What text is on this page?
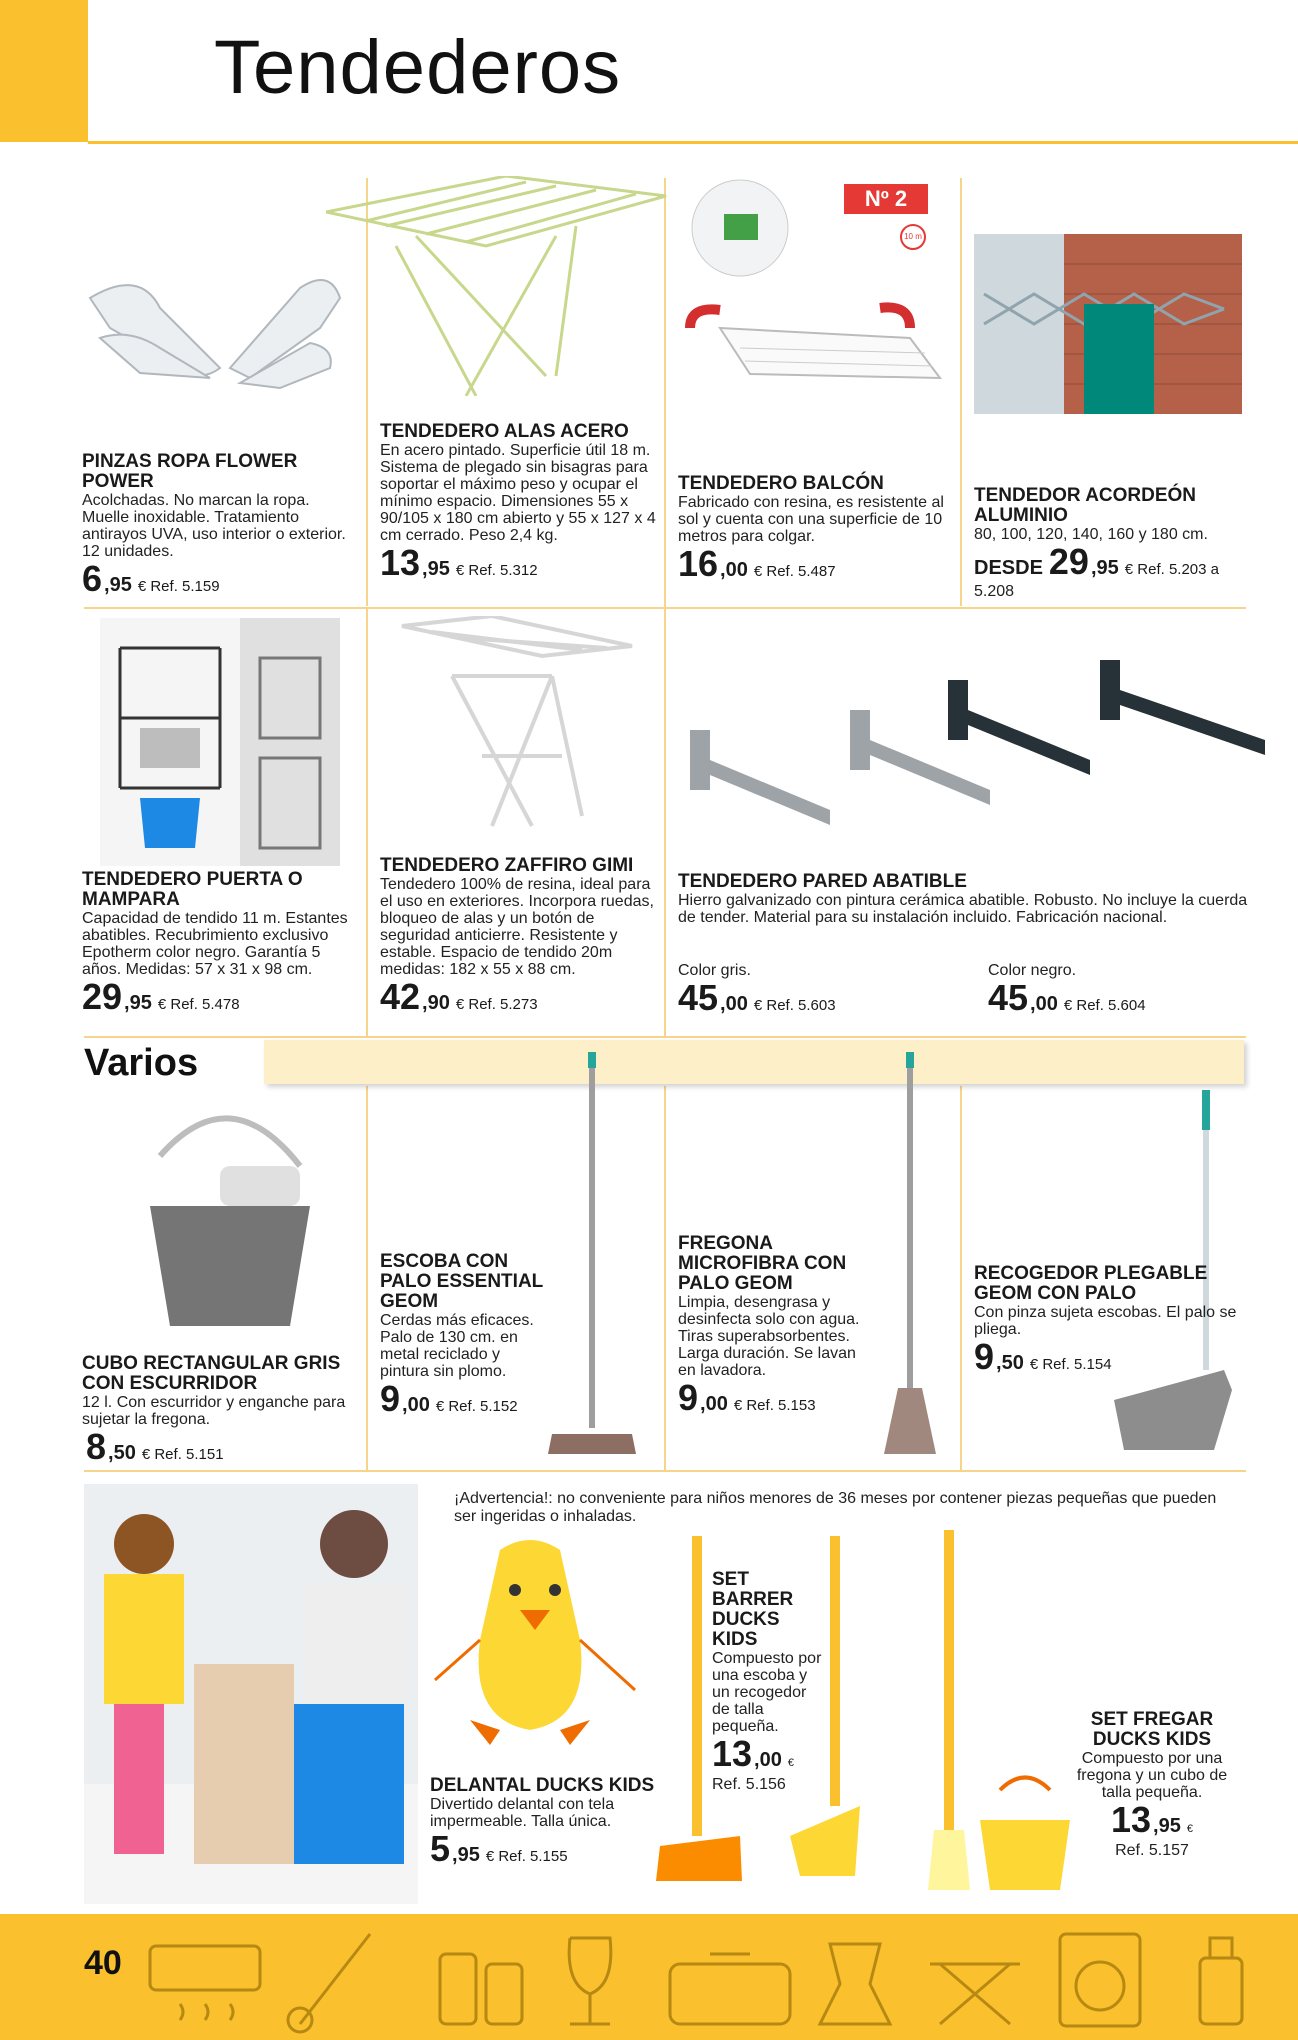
Tendederos
PINZAS ROPA FLOWER POWER
Acolchadas. No marcan la ropa. Muelle inoxidable. Tratamiento antirayos UVA, uso interior o exterior. 12 unidades.
6 ,95 € Ref. 5.159
TENDEDERO ALAS ACERO
En acero pintado. Superficie útil 18 m. Sistema de plegado sin bisagras para soportar el máximo peso y ocupar el mínimo espacio. Dimensiones 55 x 90/105 x 180 cm abierto y 55 x 127 x 4 cm cerrado. Peso 2,4 kg.
13 ,95 € Ref. 5.312
Nº 2
10 m
TENDEDERO BALCÓN
Fabricado con resina, es resistente al sol y cuenta con una superficie de 10 metros para colgar.
16 ,00 € Ref. 5.487
TENDEDOR ACORDEÓN ALUMINIO
80, 100, 120, 140, 160 y 180 cm.
DESDE 29 ,95 € Ref. 5.203 a
5.208
TENDEDERO PUERTA O MAMPARA
Capacidad de tendido 11 m. Estantes abatibles. Recubrimiento exclusivo Epotherm color negro. Garantía 5 años. Medidas: 57 x 31 x 98 cm.
29 ,95 € Ref. 5.478
TENDEDERO ZAFFIRO GIMI
Tendedero 100% de resina, ideal para el uso en exteriores. Incorpora ruedas, bloqueo de alas y un botón de seguridad anticierre. Resistente y estable. Espacio de tendido 20m medidas: 182 x 55 x 88 cm.
42 ,90 € Ref. 5.273
TENDEDERO PARED ABATIBLE
Hierro galvanizado con pintura cerámica abatible. Robusto. No incluye la cuerda de tender. Material para su instalación incluido. Fabricación nacional.
Color gris.
45 ,00 € Ref. 5.603
Color negro.
45 ,00 € Ref. 5.604
Varios
CUBO RECTANGULAR GRIS CON ESCURRIDOR
12 l. Con escurridor y enganche para sujetar la fregona.
8 ,50 € Ref. 5.151
ESCOBA CON PALO ESSENTIAL GEOM
Cerdas más eficaces. Palo de 130 cm. en metal reciclado y pintura sin plomo.
9 ,00 € Ref. 5.152
FREGONA MICROFIBRA CON PALO GEOM
Limpia, desengrasa y desinfecta solo con agua. Tiras superabsorbentes. Larga duración. Se lavan en lavadora.
9 ,00 € Ref. 5.153
RECOGEDOR PLEGABLE GEOM CON PALO
Con pinza sujeta escobas. El palo se pliega.
9 ,50 € Ref. 5.154
¡Advertencia!: no conveniente para niños menores de 36 meses por contener piezas pequeñas que pueden ser ingeridas o inhaladas.
DELANTAL DUCKS KIDS
Divertido delantal con tela impermeable. Talla única.
5 ,95 € Ref. 5.155
SET BARRER DUCKS KIDS
Compuesto por una escoba y un recogedor de talla pequeña.
13 ,00 €
Ref. 5.156
SET FREGAR DUCKS KIDS
Compuesto por una fregona y un cubo de talla pequeña.
13 ,95 €
Ref. 5.157
40
